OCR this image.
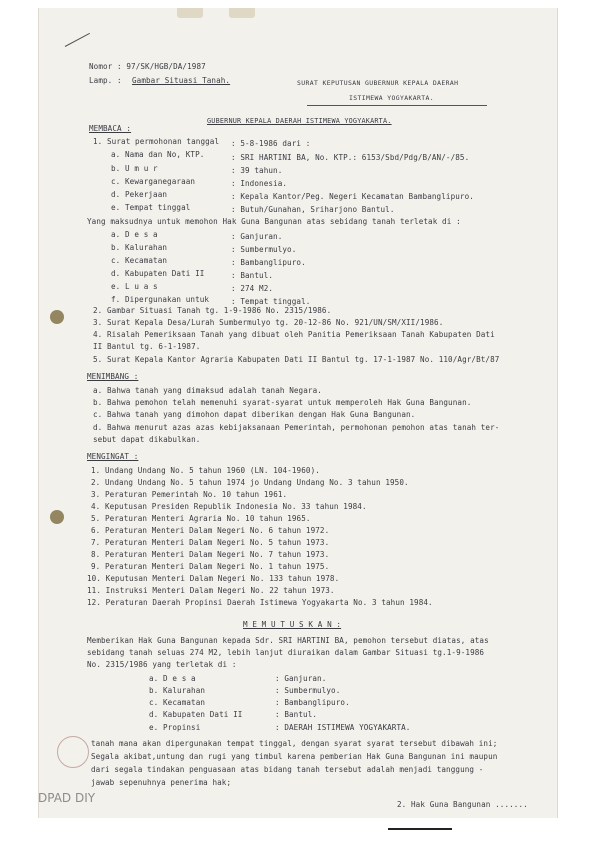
Nomor : 97/SK/HGB/DA/1987
Lamp. : Gambar Situasi Tanah.	SURAT KEPUTUSAN GUBERNUR KEPALA DAERAH
ISTIMEWA YOGYAKARTA.
GUBERNUR KEPALA DAERAH ISTIMEWA YOGYAKARTA.
MEMBACA :
1. Surat permohonan tanggal : 5-8-1986 dari :
a. Nama dan No, KTP.	: SRI HARTINI BA, No. KTP.: 6153/Sbd/Pdg/B/AN/-/85.
b. U m u r	: 39 tahun.
c. Kewarganegaraan	: Indonesia.
d. Pekerjaan	: Kepala Kantor/Peg. Negeri Kecamatan Bambanglipuro.
e. Tempat tinggal	: Butuh/Gunahan, Sriharjono Bantul.
Yang maksudnya untuk memohon Hak Guna Bangunan atas sebidang tanah terletak di :
a. D e s a	: Ganjuran.
b. Kalurahan	: Sumbermulyo.
c. Kecamatan	: Bambanglipuro.
d. Kabupaten Dati II	: Bantul.
e. L u a s	: 274 M2.
f. Dipergunakan untuk	: Tempat tinggal.
2. Gambar Situasi Tanah tg. 1-9-1986 No. 2315/1986.
3. Surat Kepala Desa/Lurah Sumbermulyo tg. 20-12-86 No. 921/UN/SM/XII/1986.
4. Risalah Pemeriksaan Tanah yang dibuat oleh Panitia Pemeriksaan Tanah Kabupaten Dati
II Bantul tg. 6-1-1987.
5. Surat Kepala Kantor Agraria Kabupaten Dati II Bantul tg. 17-1-1987 No. 110/Agr/Bt/87
MENIMBANG :
a. Bahwa tanah yang dimaksud adalah tanah Negara.
b. Bahwa pemohon telah memenuhi syarat-syarat untuk memperoleh Hak Guna Bangunan.
c. Bahwa tanah yang dimohon dapat diberikan dengan Hak Guna Bangunan.
d. Bahwa menurut azas azas kebijaksanaan Pemerintah, permohonan pemohon atas tanah ter-
sebut dapat dikabulkan.
MENGINGAT :
1. Undang Undang No. 5 tahun 1960 (LN. 104-1960).
2. Undang Undang No. 5 tahun 1974 jo Undang Undang No. 3 tahun 1950.
3. Peraturan Pemerintah No. 10 tahun 1961.
4. Keputusan Presiden Republik Indonesia No. 33 tahun 1984.
5. Peraturan Menteri Agraria No. 10 tahun 1965.
6. Peraturan Menteri Dalam Negeri No. 6 tahun 1972.
7. Peraturan Menteri Dalam Negeri No. 5 tahun 1973.
8. Peraturan Menteri Dalam Negeri No. 7 tahun 1973.
9. Peraturan Menteri Dalam Negeri No. 1 tahun 1975.
10. Keputusan Menteri Dalam Negeri No. 133 tahun 1978.
11. Instruksi Menteri Dalam Negeri No. 22 tahun 1973.
12. Peraturan Daerah Propinsi Daerah Istimewa Yogyakarta No. 3 tahun 1984.
M E M U T U S K A N :
Memberikan Hak Guna Bangunan kepada Sdr. SRI HARTINI BA, pemohon tersebut diatas, atas
sebidang tanah seluas 274 M2, lebih lanjut diuraikan dalam Gambar Situasi tg.1-9-1986
No. 2315/1986 yang terletak di :
a. D e s a	: Ganjuran.
b. Kalurahan	: Sumbermulyo.
c. Kecamatan	: Bambanglipuro.
d. Kabupaten Dati II	: Bantul.
e. Propinsi	: DAERAH ISTIMEWA YOGYAKARTA.
tanah mana akan dipergunakan tempat tinggal, dengan syarat syarat tersebut dibawah ini;
Segala akibat,untung dan rugi yang timbul karena pemberian Hak Guna Bangunan ini maupun
dari segala tindakan penguasaan atas bidang tanah tersebut adalah menjadi tanggung -
jawab sepenuhnya penerima hak;
2. Hak Guna Bangunan .......
DPAD DIY
